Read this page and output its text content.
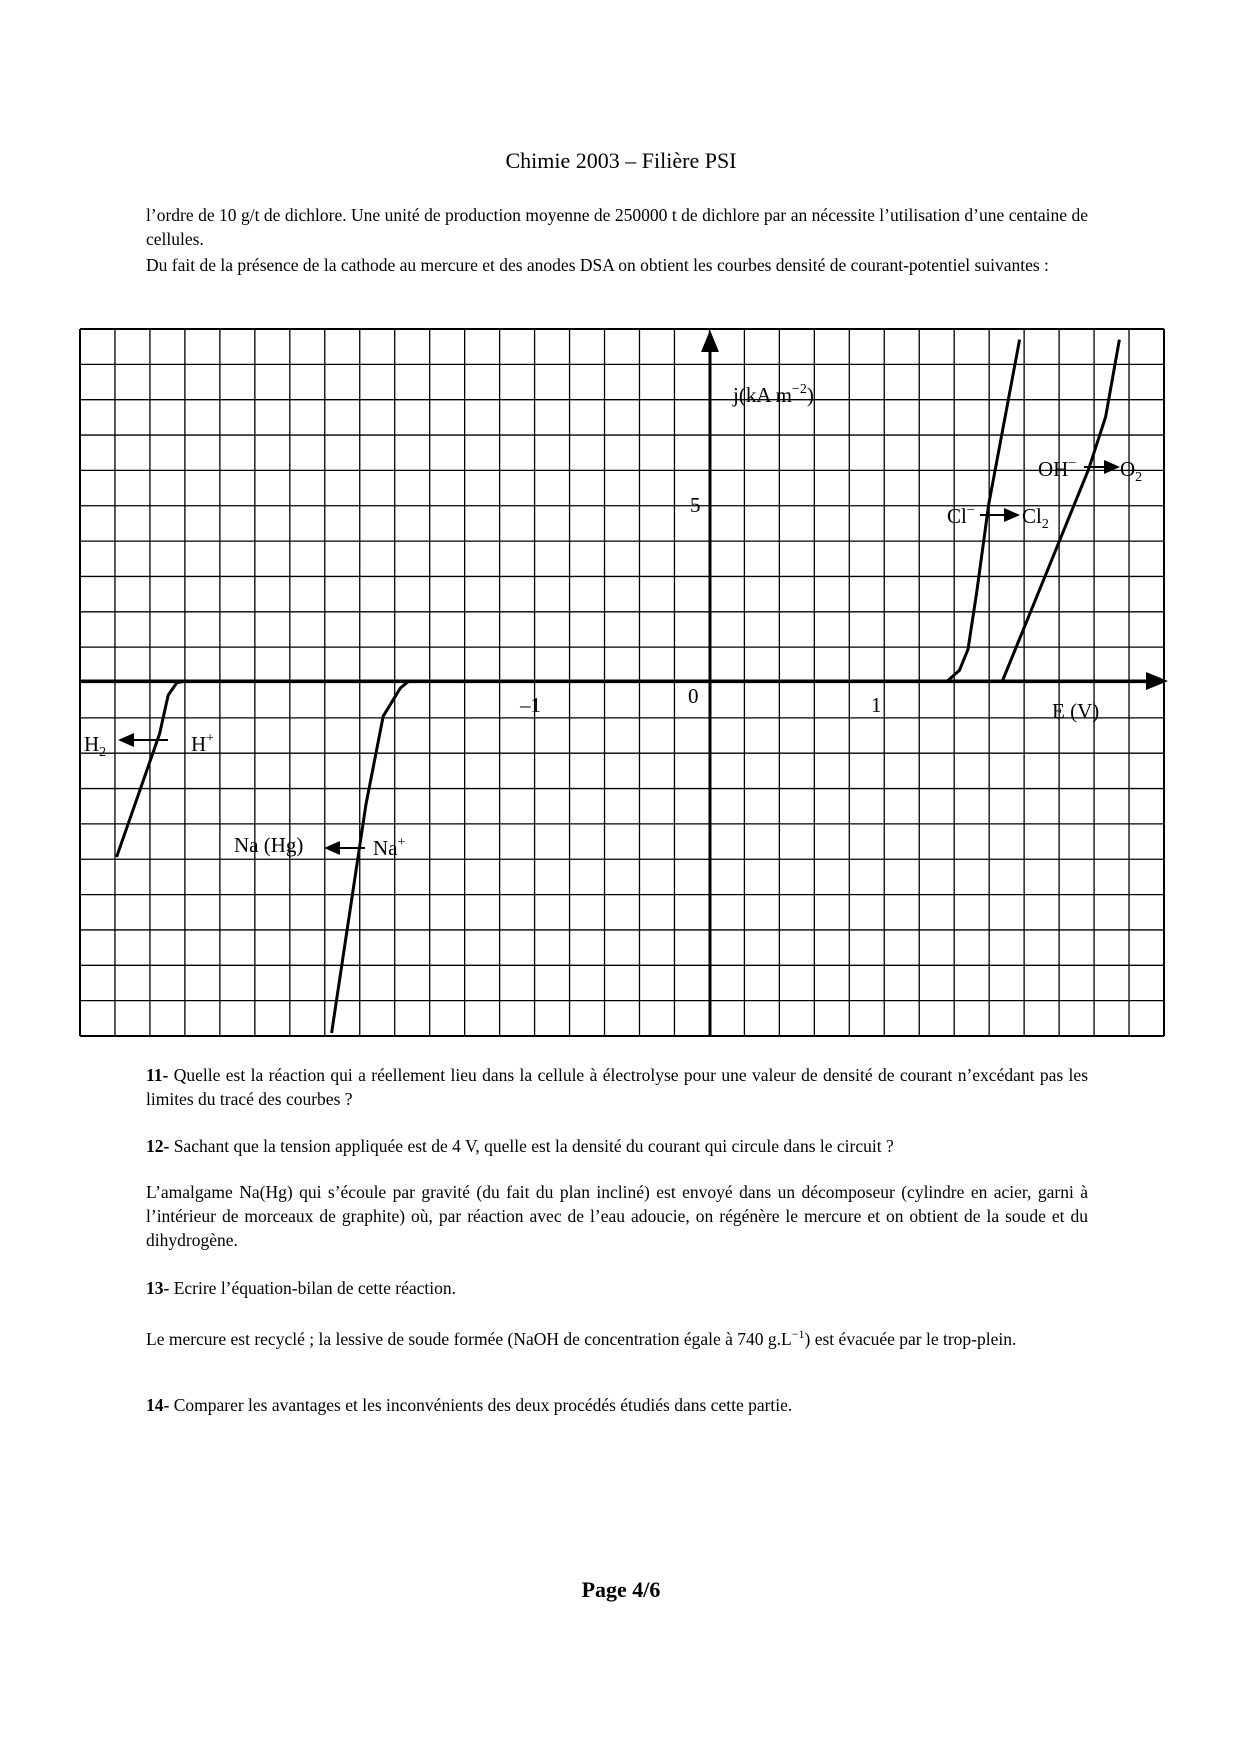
Chimie 2003 – Filière PSI

l’ordre de 10 g/t de dichlore. Une unité de production moyenne de 250000 t de dichlore par an nécessite l’utilisation d’une centaine de cellules.

Du fait de la présence de la cathode au mercure et des anodes DSA on obtient les courbes densité de courant-potentiel suivantes :

–1	0	1
5
E (V)
j(kA $m^{-2}$)
$H_2$	H+
Na (Hg)	Na+
Cl− $Cl_2$
OH− $O_2$

11- Quelle est la réaction qui a réellement lieu dans la cellule à électrolyse pour une valeur de densité de courant n’excédant pas les limites du tracé des courbes ?

12- Sachant que la tension appliquée est de 4 V, quelle est la densité du courant qui circule dans le circuit ?

L’amalgame Na(Hg) qui s’écoule par gravité (du fait du plan incliné) est envoyé dans un décomposeur (cylindre en acier, garni à l’intérieur de morceaux de graphite) où, par réaction avec de l’eau adoucie, on régénère le mercure et on obtient de la soude et du dihydrogène.

13- Ecrire l’équation-bilan de cette réaction.

Le mercure est recyclé ; la lessive de soude formée (NaOH de concentration égale à 740 $g.L^{-1}$) est évacuée par le trop-plein.

14- Comparer les avantages et les inconvénients des deux procédés étudiés dans cette partie.

Page 4/6
